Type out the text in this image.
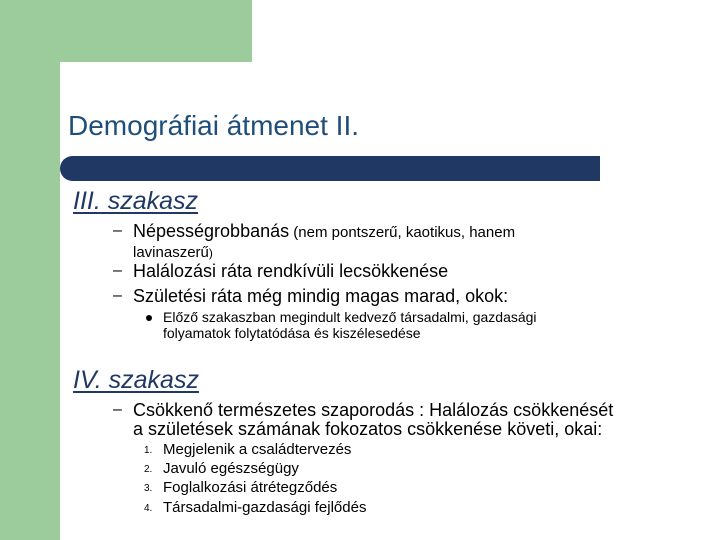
Demográfiai átmenet II.
III. szakasz
– Népességrobbanás (nem pontszerű, kaotikus, hanem
lavinaszerű)
– Halálozási ráta rendkívüli lecsökkenése
– Születési ráta még mindig magas marad, okok:
Előző szakaszban megindult kedvező társadalmi, gazdasági
folyamatok folytatódása és kiszélesedése
IV. szakasz
– Csökkenő természetes szaporodás : Halálozás csökkenését
a születések számának fokozatos csökkenése követi, okai:
1. Megjelenik a családtervezés
2. Javuló egészségügy
3. Foglalkozási átrétegződés
4. Társadalmi-gazdasági fejlődés
